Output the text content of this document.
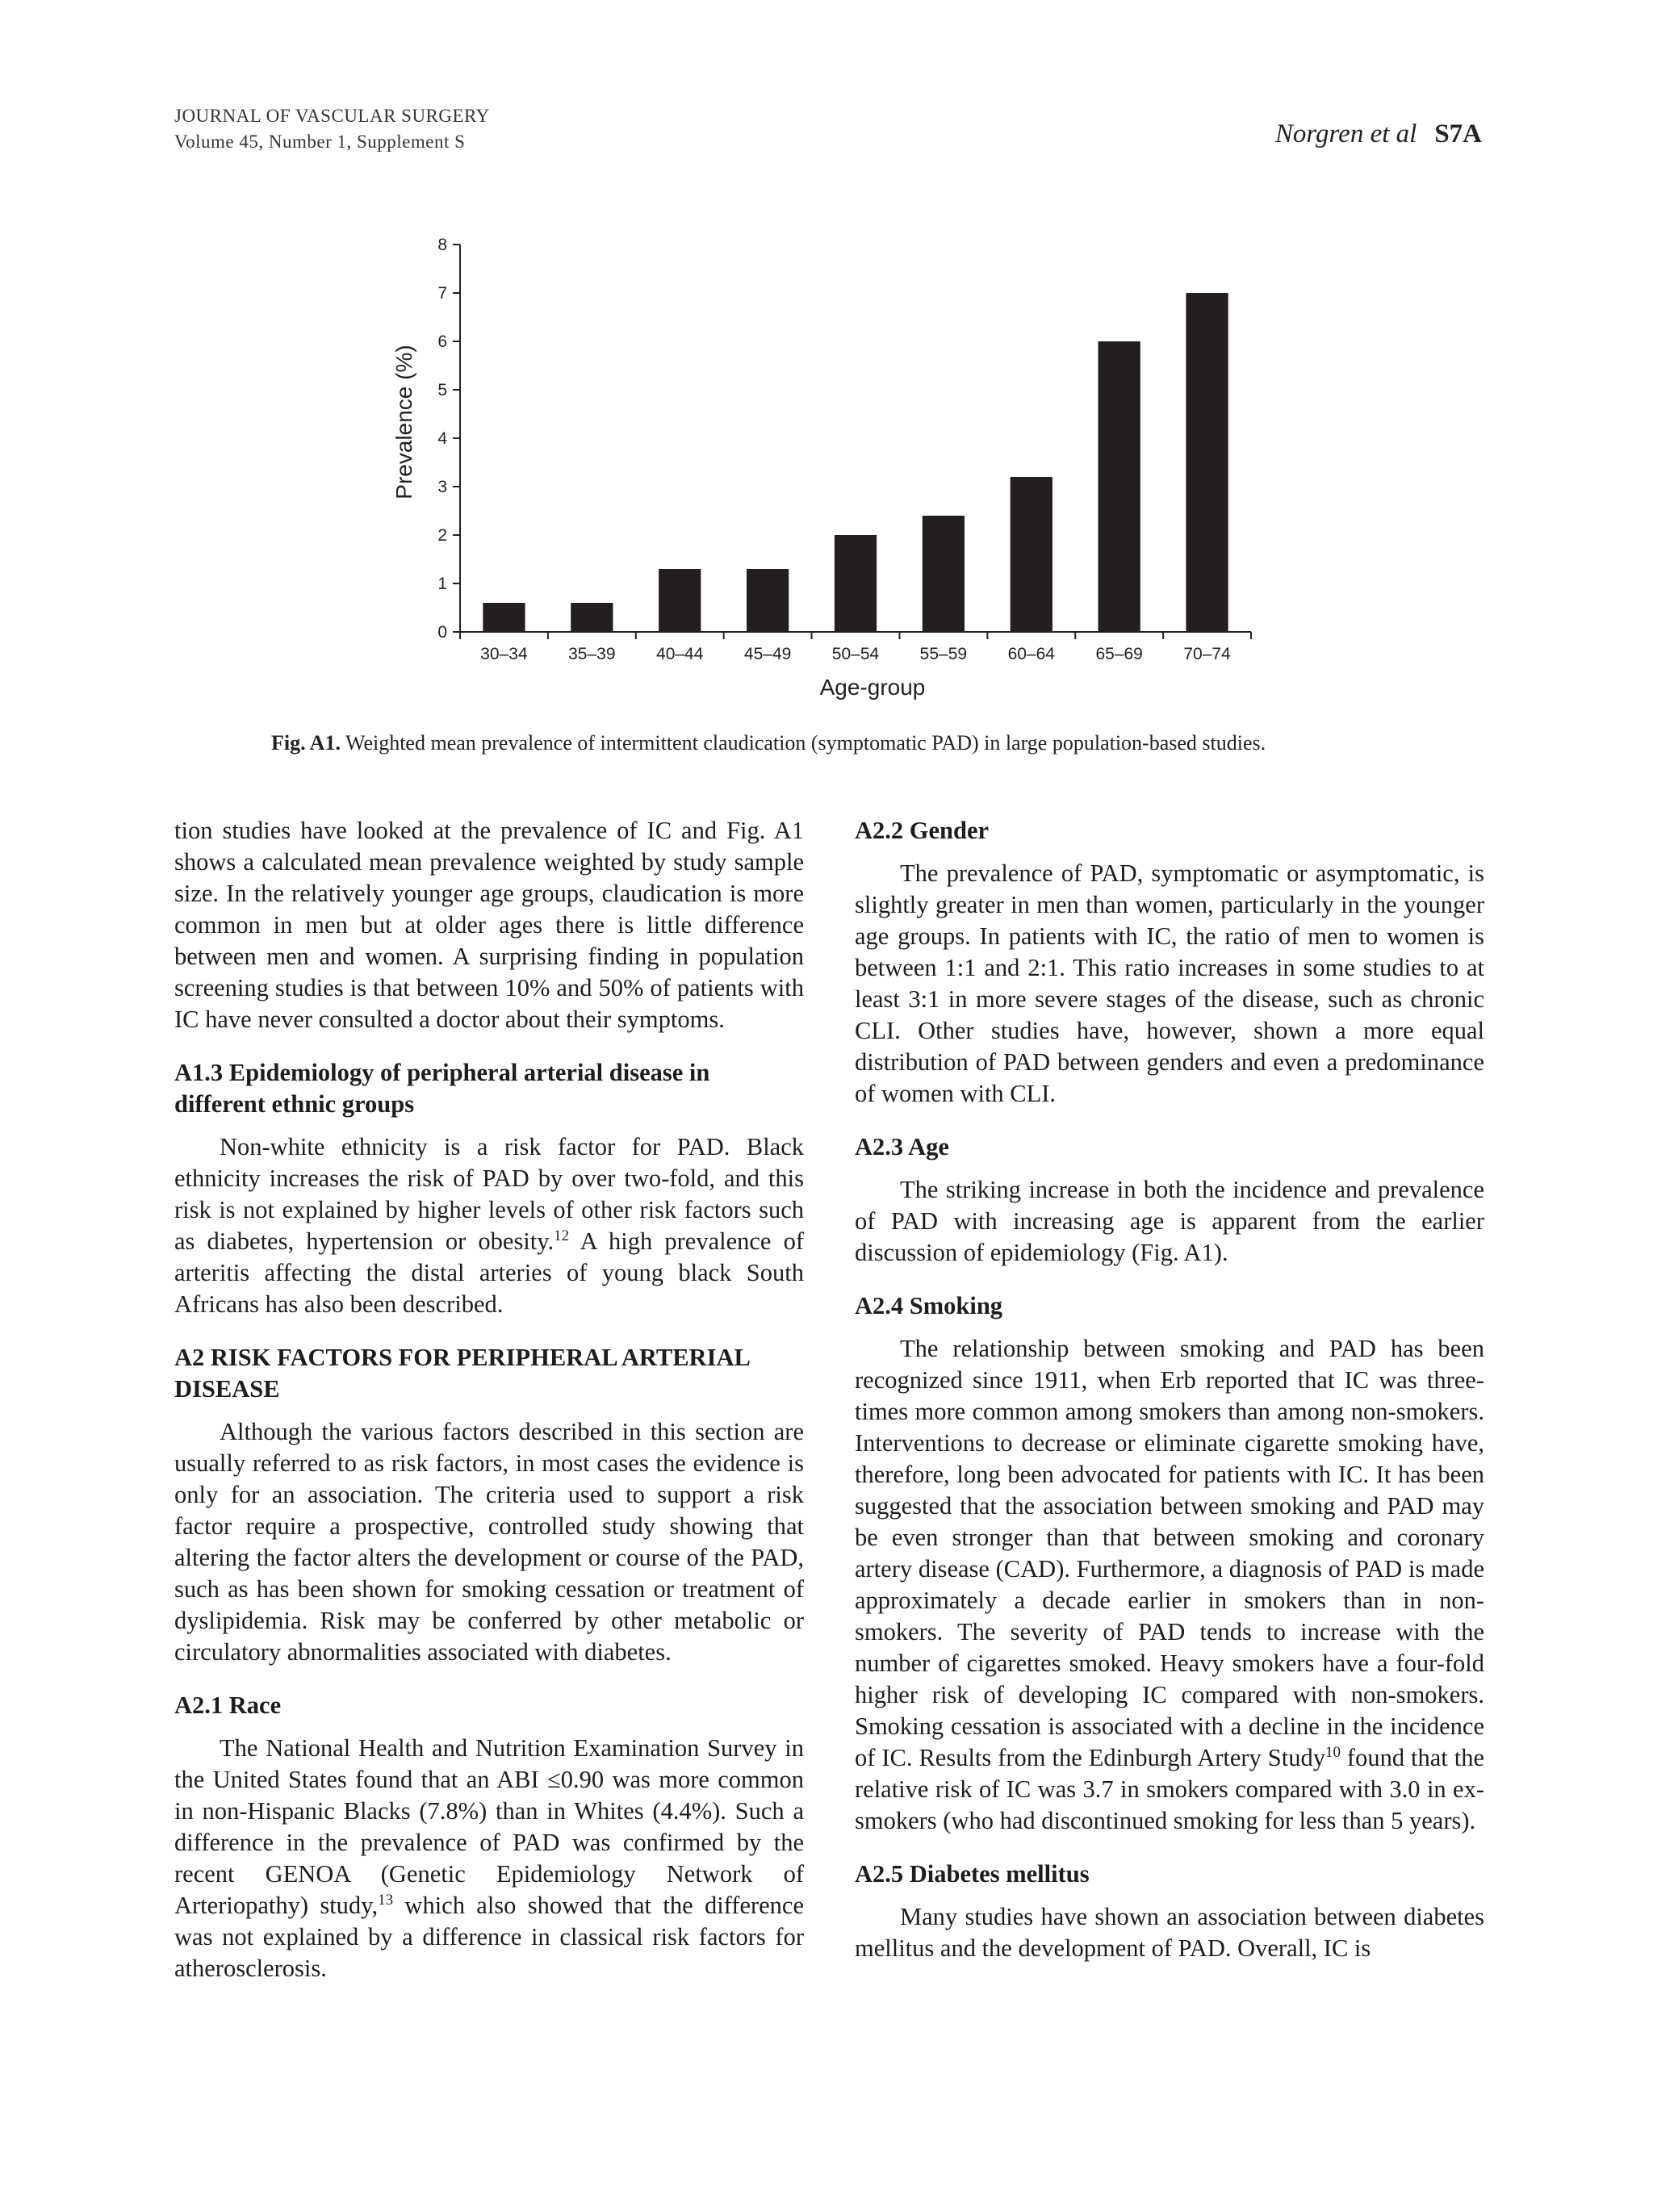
JOURNAL OF VASCULAR SURGERY
Volume 45, Number 1, Supplement S	Norgren et al S7A
0
1
2
3
4
5
6
7
8
30–34 35–39 40–44 45–49 50–54 55–59 60–64 65–69 70–74
Prevalence (%)
Age-group
Fig. A1. Weighted mean prevalence of intermittent claudication (symptomatic PAD) in large population-based studies.

tion studies have looked at the prevalence of IC and Fig. A1 shows a calculated mean prevalence weighted by study sample size. In the relatively younger age groups, claudication is more common in men but at older ages there is little difference between men and women. A surprising finding in population screening studies is that between 10% and 50% of patients with IC have never consulted a doctor about their symptoms.

A1.3 Epidemiology of peripheral arterial disease in different ethnic groups

Non-white ethnicity is a risk factor for PAD. Black ethnicity increases the risk of PAD by over two-fold, and this risk is not explained by higher levels of other risk factors such as diabetes, hypertension or obesity.$^{12}$ A high prevalence of arteritis affecting the distal arteries of young black South Africans has also been described.

A2 RISK FACTORS FOR PERIPHERAL ARTERIAL DISEASE

Although the various factors described in this section are usually referred to as risk factors, in most cases the evidence is only for an association. The criteria used to support a risk factor require a prospective, controlled study showing that altering the factor alters the development or course of the PAD, such as has been shown for smoking cessation or treatment of dyslipidemia. Risk may be conferred by other metabolic or circulatory abnormalities associated with diabetes.

A2.1 Race

The National Health and Nutrition Examination Survey in the United States found that an ABI ≤0.90 was more common in non-Hispanic Blacks (7.8%) than in Whites (4.4%). Such a difference in the prevalence of PAD was confirmed by the recent GENOA (Genetic Epidemiology Network of Arteriopathy) study,$^{13}$ which also showed that the difference was not explained by a difference in classical risk factors for atherosclerosis.

A2.2 Gender

The prevalence of PAD, symptomatic or asymptomatic, is slightly greater in men than women, particularly in the younger age groups. In patients with IC, the ratio of men to women is between 1:1 and 2:1. This ratio increases in some studies to at least 3:1 in more severe stages of the disease, such as chronic CLI. Other studies have, however, shown a more equal distribution of PAD between genders and even a predominance of women with CLI.

A2.3 Age

The striking increase in both the incidence and prevalence of PAD with increasing age is apparent from the earlier discussion of epidemiology (Fig. A1).

A2.4 Smoking

The relationship between smoking and PAD has been recognized since 1911, when Erb reported that IC was three-times more common among smokers than among non-smokers. Interventions to decrease or eliminate cigarette smoking have, therefore, long been advocated for patients with IC. It has been suggested that the association between smoking and PAD may be even stronger than that between smoking and coronary artery disease (CAD). Furthermore, a diagnosis of PAD is made approximately a decade earlier in smokers than in non-smokers. The severity of PAD tends to increase with the number of cigarettes smoked. Heavy smokers have a four-fold higher risk of developing IC compared with non-smokers. Smoking cessation is associated with a decline in the incidence of IC. Results from the Edinburgh Artery Study$^{10}$ found that the relative risk of IC was 3.7 in smokers compared with 3.0 in ex-smokers (who had discontinued smoking for less than 5 years).

A2.5 Diabetes mellitus

Many studies have shown an association between diabetes mellitus and the development of PAD. Overall, IC is
